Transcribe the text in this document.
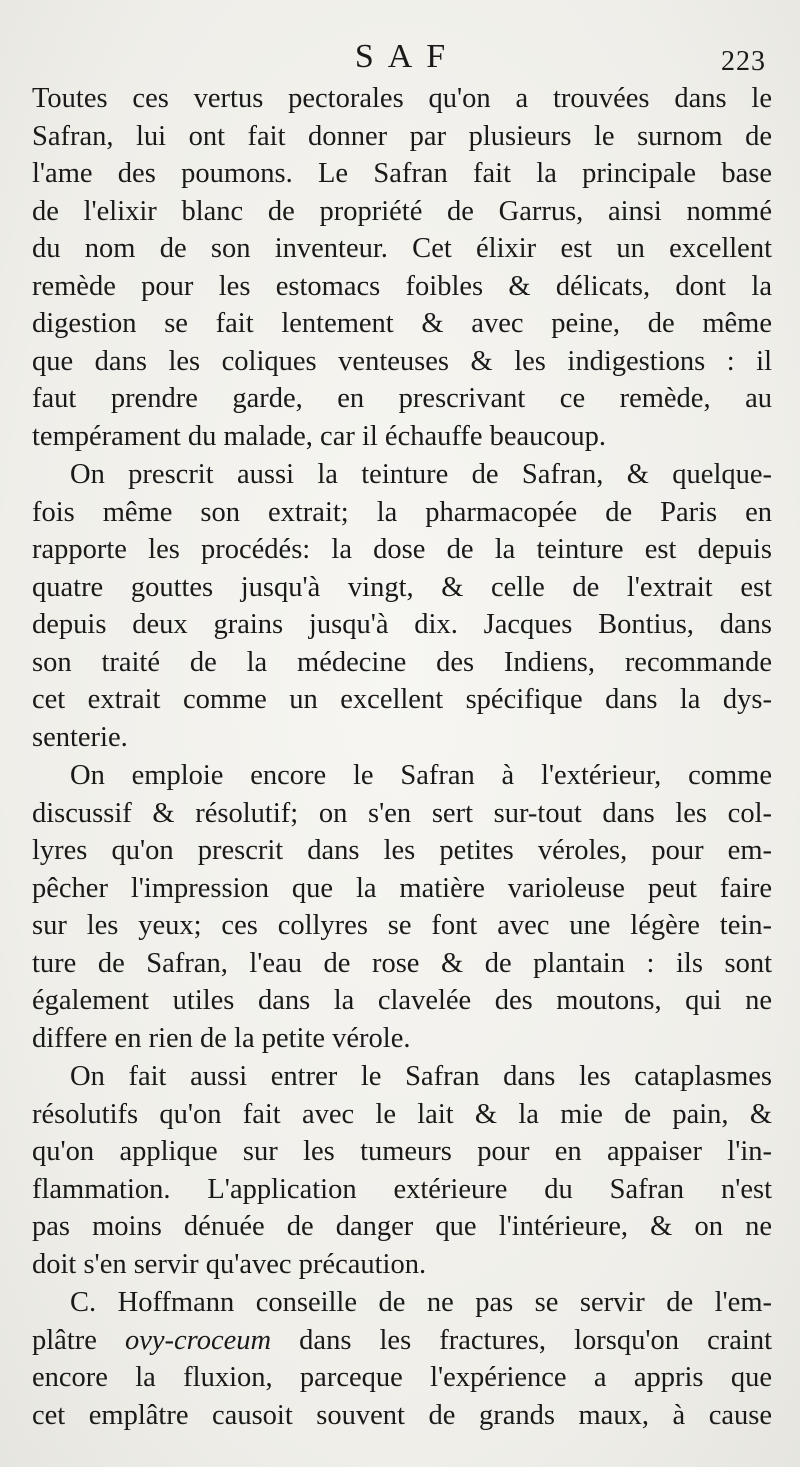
SAF	223
Toutes ces vertus pectorales qu'on a trouvées dans le
Safran, lui ont fait donner par plusieurs le surnom de
l'ame des poumons. Le Safran fait la principale base
de l'elixir blanc de propriété de Garrus, ainsi nommé
du nom de son inventeur. Cet élixir est un excellent
remède pour les estomacs foibles & délicats, dont la
digestion se fait lentement & avec peine, de même
que dans les coliques venteuses & les indigestions : il
faut prendre garde, en prescrivant ce remède, au
tempérament du malade, car il échauffe beaucoup.
On prescrit aussi la teinture de Safran, & quelque-
fois même son extrait; la pharmacopée de Paris en
rapporte les procédés: la dose de la teinture est depuis
quatre gouttes jusqu'à vingt, & celle de l'extrait est
depuis deux grains jusqu'à dix. Jacques Bontius, dans
son traité de la médecine des Indiens, recommande
cet extrait comme un excellent spécifique dans la dys-
senterie.
On emploie encore le Safran à l'extérieur, comme
discussif & résolutif; on s'en sert sur-tout dans les col-
lyres qu'on prescrit dans les petites véroles, pour em-
pêcher l'impression que la matière varioleuse peut faire
sur les yeux; ces collyres se font avec une légère tein-
ture de Safran, l'eau de rose & de plantain : ils sont
également utiles dans la clavelée des moutons, qui ne
differe en rien de la petite vérole.
On fait aussi entrer le Safran dans les cataplasmes
résolutifs qu'on fait avec le lait & la mie de pain, &
qu'on applique sur les tumeurs pour en appaiser l'in-
flammation. L'application extérieure du Safran n'est
pas moins dénuée de danger que l'intérieure, & on ne
doit s'en servir qu'avec précaution.
C. Hoffmann conseille de ne pas se servir de l'em-
plâtre ovy-croceum dans les fractures, lorsqu'on craint
encore la fluxion, parceque l'expérience a appris que
cet emplâtre causoit souvent de grands maux, à cause
